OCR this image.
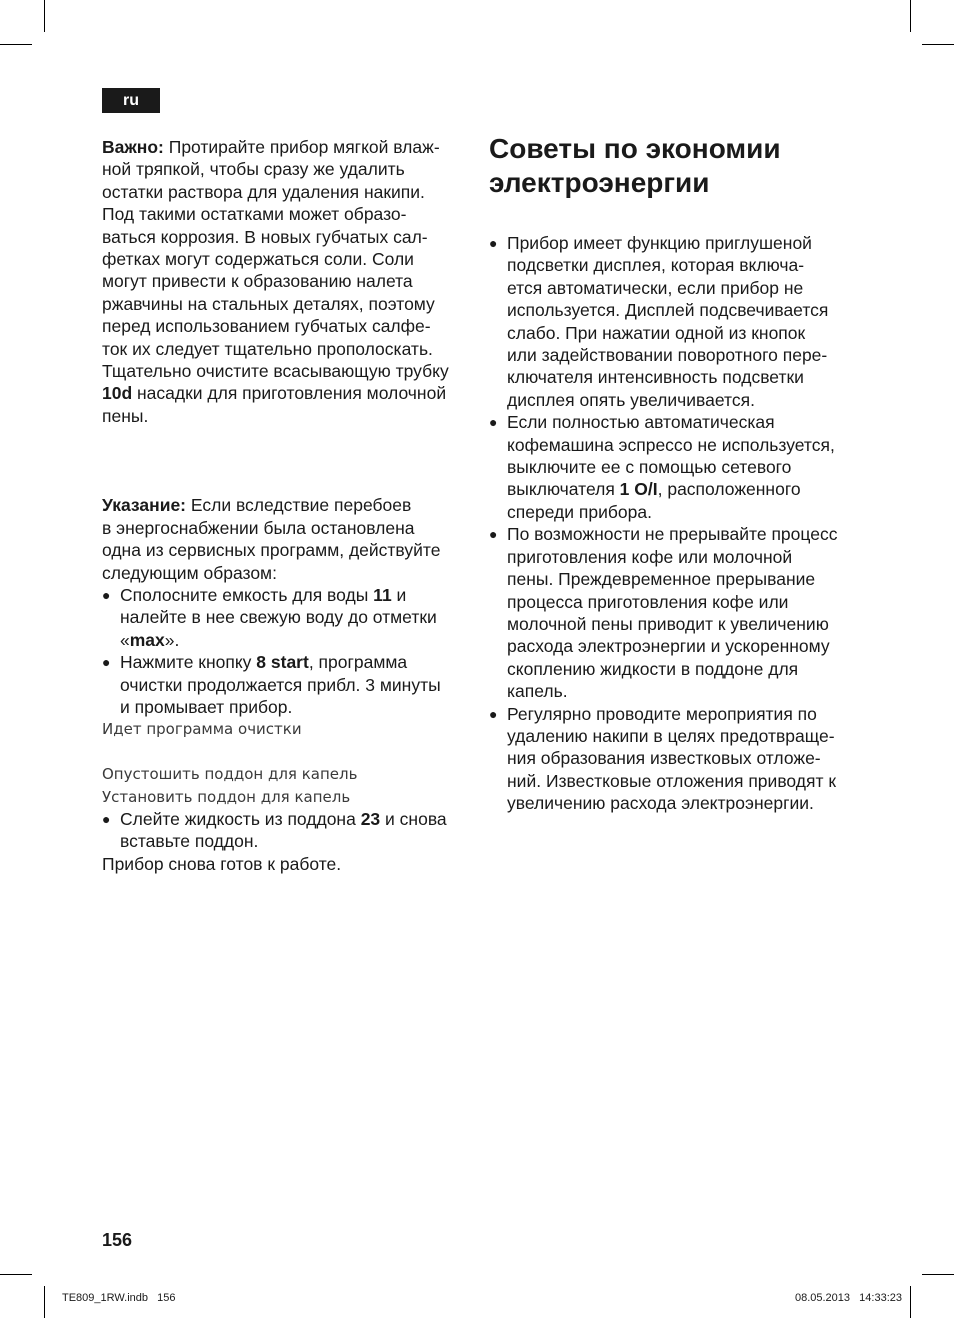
ru
Важно: Протирайте прибор мягкой влаж-
ной тряпкой, чтобы сразу же удалить
остатки раствора для удаления накипи.
Под такими остатками может образо-
ваться коррозия. В новых губчатых сал-
фетках могут содержаться соли. Соли
могут привести к образованию налета
ржавчины на стальных деталях, поэтому
перед использованием губчатых салфе-
ток их следует тщательно прополоскать.
Тщательно очистите всасывающую трубку
10d насадки для приготовления молочной
пены.
Указание: Если вследствие перебоев
в энергоснабжении была остановлена
одна из сервисных программ, действуйте
следующим образом:
● Сполосните емкость для воды 11 и
налейте в нее свежую воду до отметки
«max».
● Нажмите кнопку 8 start, программа
очистки продолжается прибл. 3 минуты
и промывает прибор.
Идет программа очистки
Опустошить поддон для капель
Установить поддон для капель
● Слейте жидкость из поддона 23 и снова
вставьте поддон.
Прибор снова готов к работе.
Советы по экономии
электроэнергии
● Прибор имеет функцию приглушеной
подсветки дисплея, которая включа-
ется автоматически, если прибор не
используется. Дисплей подсвечивается
слабо. При нажатии одной из кнопок
или задействовании поворотного пере-
ключателя интенсивность подсветки
дисплея опять увеличивается.
● Если полностью автоматическая
кофемашина эспрессо не используется,
выключите ее с помощью сетевого
выключателя 1 O/I, расположенного
спереди прибора.
● По возможности не прерывайте процесс
приготовления кофе или молочной
пены. Преждевременное прерывание
процесса приготовления кофе или
молочной пены приводит к увеличению
расхода электроэнергии и ускоренному
скоплению жидкости в поддоне для
капель.
● Регулярно проводите мероприятия по
удалению накипи в целях предотвраще-
ния образования известковых отложе-
ний. Известковые отложения приводят к
увеличению расхода электроэнергии.
156
TE809_1RW.indb   156	08.05.2013   14:33:23
